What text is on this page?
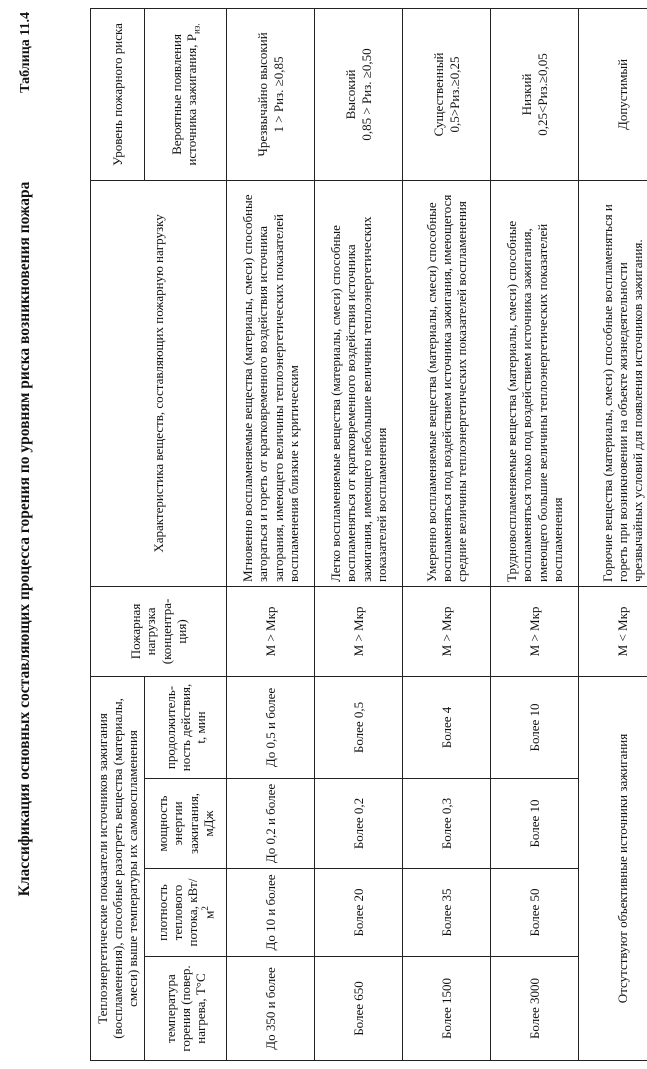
Классификация основных составляющих процесса горения по уровням риска возникновения пожара
Таблица 11.4
Теплоэнергетические показатели источников зажигания (воспламенения), способные разогреть вещества (материалы, смеси) выше температуры их самовоспламенения				Пожарная нагрузка (концентра-ция)	Характеристика веществ, составляющих пожарную нагрузку	Уровень пожарного риска
температура горения (повер. нагрева, T°C	плотность теплового потока, кВт/$м^2$	мощность энергии зажигания, мДж	продолжитель-ность действия, t, мин			Вероятные появления источника зажигания, $P_{из.}$
До 350 и более	До 10 и более	До 0,2 и более	До 0,5 и более	M > Mкр	Мгновенно воспламеняемые вещества (материалы, смеси) способные загораться и гореть от кратковременного воздействия источника загорания, имеющего величины теплоэнергетических показателей воспламенения близкие к критическим	Чрезвычайно высокий 1 > Pиз. ≥0,85

Более 650	Более 20	Более 0,2	Более 0,5	M > Mкр	Легко воспламеняемые вещества (материалы, смеси) способные воспламеняться от кратковременного воздействия источника зажигания, имеющего небольшие величины теплоэнергетических показателей воспламенения	Высокий 0,85 > Pиз. ≥0,50

Более 1500	Более 35	Более 0,3	Более 4	M > Mкр	Умеренно воспламеняемые вещества (материалы, смеси) способные воспламеняться под воздействием источника зажигания, имеющегося средние величины теплоэнергетических показателей воспламенения	Существенный 0,5>Pиз.≥0,25

Более 3000	Более 50	Более 10	Более 10	M > Mкр	Трудновоспламеняемые вещества (материалы, смеси) способные воспламеняться только под воздействием источника зажигания, имеющего большие величины теплоэнергетических показателей воспламенения	Низкий 0,25<Pиз.≥0,05

Отсутствуют объективные источники зажигания				M < Mкр	Горючие вещества (материалы, смеси) способные воспламеняться и гореть при возникновении на объекте жизнедеятельности чрезвычайных условий для появления источников зажигания.	Допустимый
